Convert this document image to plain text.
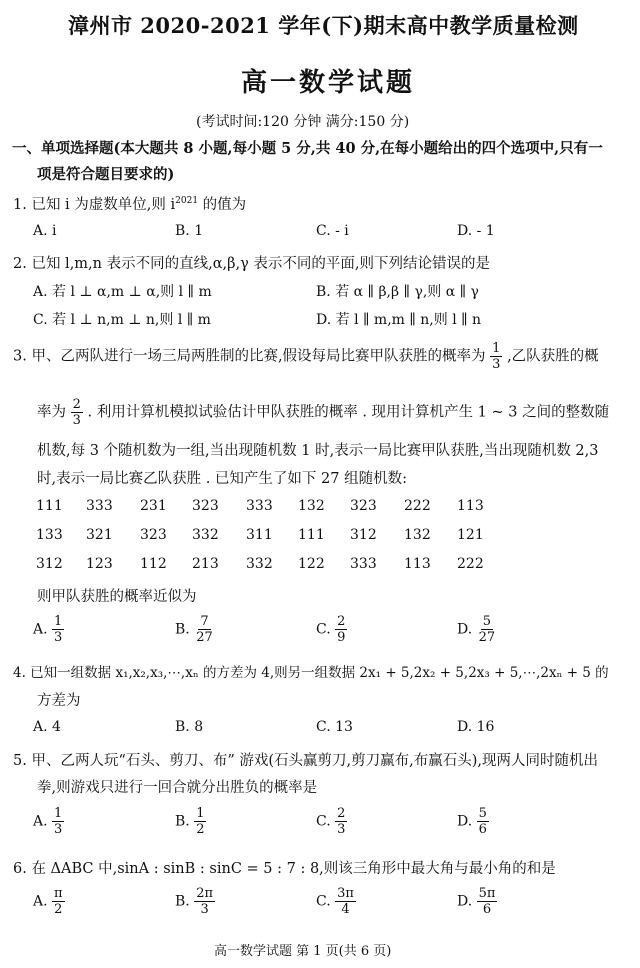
漳州市 2020-2021 学年(下)期末高中教学质量检测
高一数学试题
(考试时间:120 分钟 满分:150 分)
一、单项选择题(本大题共 8 小题,每小题 5 分,共 40 分,在每小题给出的四个选项中,只有一
项是符合题目要求的)
1. 已知 i 为虚数单位,则 $i^{2021}$ 的值为
A. i	B. 1	C. - i	D. - 1
2. 已知 l,m,n 表示不同的直线,α,β,γ 表示不同的平面,则下列结论错误的是
A. 若 l ⊥ α,m ⊥ α,则 l ∥ m	B. 若 α ∥ β,β ∥ γ,则 α ∥ γ
C. 若 l ⊥ n,m ⊥ n,则 l ∥ m	D. 若 l ∥ m,m ∥ n,则 l ∥ n
3. 甲、乙两队进行一场三局两胜制的比赛,假设每局比赛甲队获胜的概率为 $\frac{1}{3}$ ,乙队获胜的概
率为 $\frac{2}{3}$ . 利用计算机模拟试验估计甲队获胜的概率 . 现用计算机产生 1 ~ 3 之间的整数随
机数,每 3 个随机数为一组,当出现随机数 1 时,表示一局比赛甲队获胜,当出现随机数 2,3
时,表示一局比赛乙队获胜 . 已知产生了如下 27 组随机数:
111 333 231 323 333 132 323 222 113
133 321 323 332 311 111 312 132 121
312 123 112 213 332 122 333 113 222
则甲队获胜的概率近似为
A. $\frac{1}{3}$	B. $\frac{7}{27}$	C. $\frac{2}{9}$	D. $\frac{5}{27}$
4. 已知一组数据 x₁,x₂,x₃,⋯,xₙ 的方差为 4,则另一组数据 2x₁ + 5,2x₂ + 5,2x₃ + 5,⋯,2xₙ + 5 的
方差为
A. 4	B. 8	C. 13	D. 16
5. 甲、乙两人玩“石头、剪刀、布” 游戏(石头赢剪刀,剪刀赢布,布赢石头),现两人同时随机出
拳,则游戏只进行一回合就分出胜负的概率是
A. $\frac{1}{3}$	B. $\frac{1}{2}$	C. $\frac{2}{3}$	D. $\frac{5}{6}$
6. 在 ΔABC 中,sinA : sinB : sinC = 5 : 7 : 8,则该三角形中最大角与最小角的和是
A. $\frac{\pi}{2}$	B. $\frac{2\pi}{3}$	C. $\frac{3\pi}{4}$	D. $\frac{5\pi}{6}$
高一数学试题 第 1 页(共 6 页)
